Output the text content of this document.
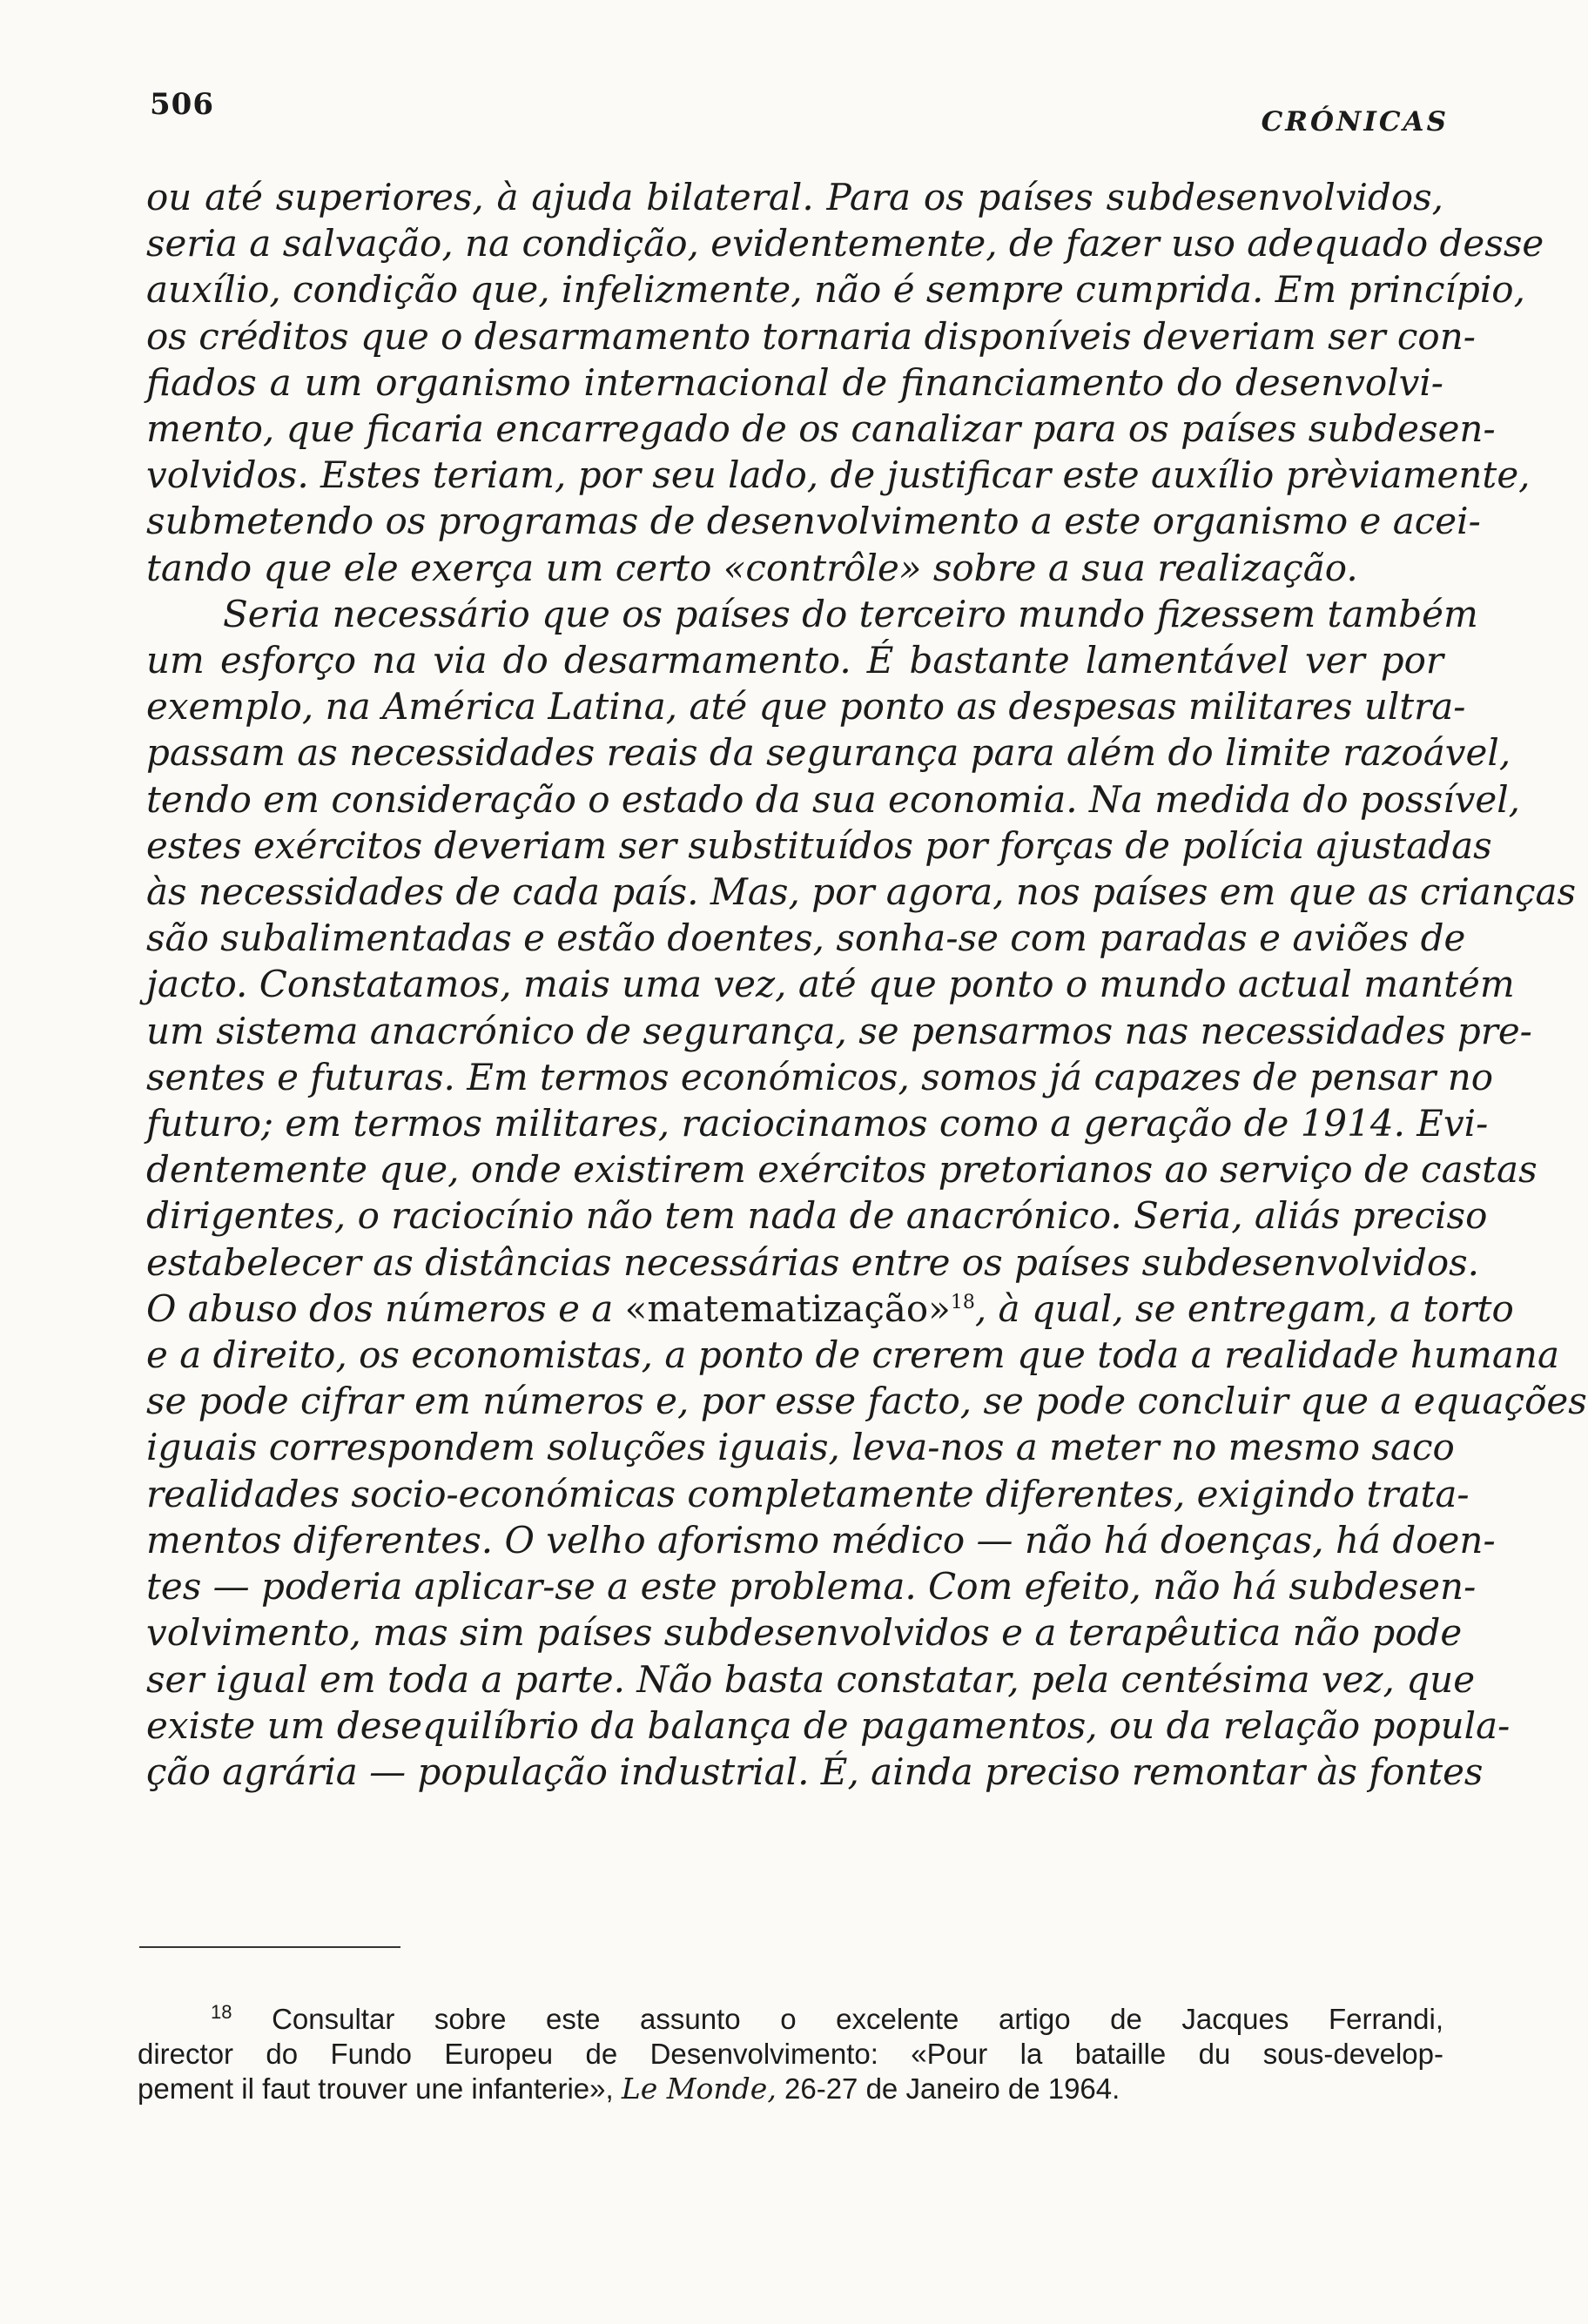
506	CRÓNICAS
ou até superiores, à ajuda bilateral. Para os países subdesenvolvidos,
seria a salvação, na condição, evidentemente, de fazer uso adequado desse
auxílio, condição que, infelizmente, não é sempre cumprida. Em princípio,
os créditos que o desarmamento tornaria disponíveis deveriam ser con-
fiados a um organismo internacional de financiamento do desenvolvi-
mento, que ficaria encarregado de os canalizar para os países subdesen-
volvidos. Estes teriam, por seu lado, de justificar este auxílio prèviamente,
submetendo os programas de desenvolvimento a este organismo e acei-
tando que ele exerça um certo «contrôle» sobre a sua realização.
Seria necessário que os países do terceiro mundo fizessem também
um esforço na via do desarmamento. É bastante lamentável ver por
exemplo, na América Latina, até que ponto as despesas militares ultra-
passam as necessidades reais da segurança para além do limite razoável,
tendo em consideração o estado da sua economia. Na medida do possível,
estes exércitos deveriam ser substituídos por forças de polícia ajustadas
às necessidades de cada país. Mas, por agora, nos países em que as crianças
são subalimentadas e estão doentes, sonha-se com paradas e aviões de
jacto. Constatamos, mais uma vez, até que ponto o mundo actual mantém
um sistema anacrónico de segurança, se pensarmos nas necessidades pre-
sentes e futuras. Em termos económicos, somos já capazes de pensar no
futuro; em termos militares, raciocinamos como a geração de 1914. Evi-
dentemente que, onde existirem exércitos pretorianos ao serviço de castas
dirigentes, o raciocínio não tem nada de anacrónico. Seria, aliás preciso
estabelecer as distâncias necessárias entre os países subdesenvolvidos.
O abuso dos números e a «matematização»$^{18}$, à qual, se entregam, a torto
e a direito, os economistas, a ponto de crerem que toda a realidade humana
se pode cifrar em números e, por esse facto, se pode concluir que a equações
iguais correspondem soluções iguais, leva-nos a meter no mesmo saco
realidades socio-económicas completamente diferentes, exigindo trata-
mentos diferentes. O velho aforismo médico — não há doenças, há doen-
tes — poderia aplicar-se a este problema. Com efeito, não há subdesen-
volvimento, mas sim países subdesenvolvidos e a terapêutica não pode
ser igual em toda a parte. Não basta constatar, pela centésima vez, que
existe um desequilíbrio da balança de pagamentos, ou da relação popula-
ção agrária — população industrial. É, ainda preciso remontar às fontes
$^{18}$ Consultar sobre este assunto o excelente artigo de Jacques Ferrandi,
director do Fundo Europeu de Desenvolvimento: «Pour la bataille du sous-develop-
pement il faut trouver une infanterie», Le Monde, 26-27 de Janeiro de 1964.
